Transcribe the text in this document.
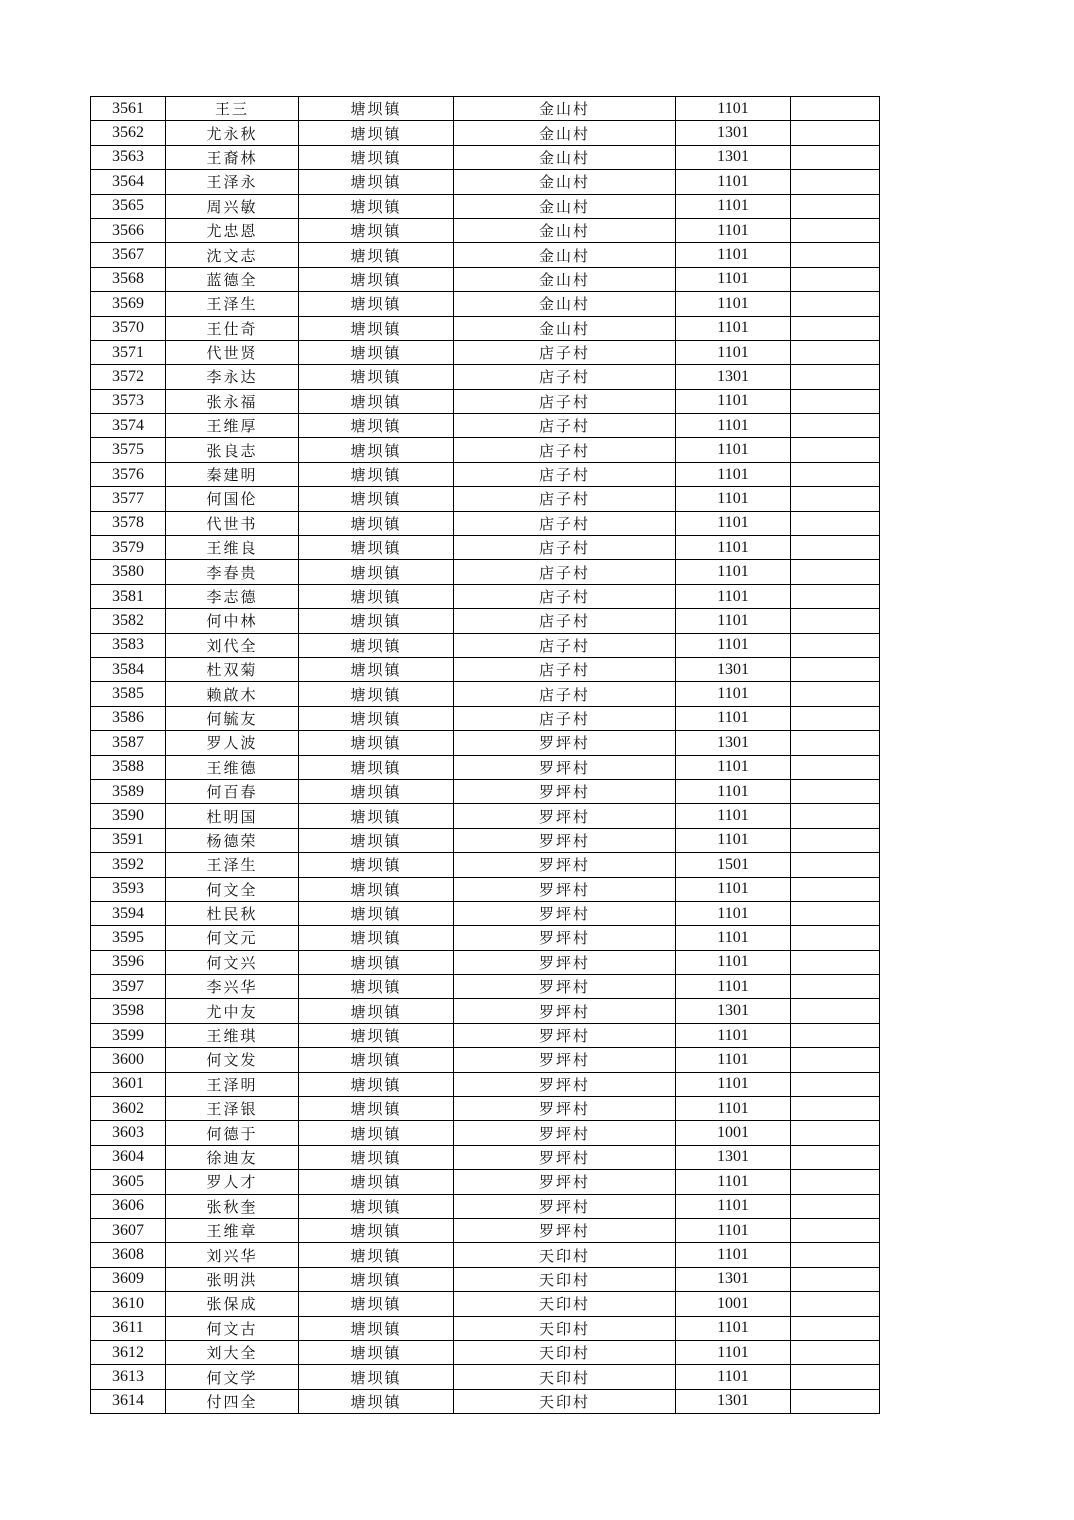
3561	王三	塘坝镇	金山村	1101	
3562	尤永秋	塘坝镇	金山村	1301	
3563	王裔林	塘坝镇	金山村	1301	
3564	王泽永	塘坝镇	金山村	1101	
3565	周兴敏	塘坝镇	金山村	1101	
3566	尤忠恩	塘坝镇	金山村	1101	
3567	沈文志	塘坝镇	金山村	1101	
3568	蓝德全	塘坝镇	金山村	1101	
3569	王泽生	塘坝镇	金山村	1101	
3570	王仕奇	塘坝镇	金山村	1101	
3571	代世贤	塘坝镇	店子村	1101	
3572	李永达	塘坝镇	店子村	1301	
3573	张永福	塘坝镇	店子村	1101	
3574	王维厚	塘坝镇	店子村	1101	
3575	张良志	塘坝镇	店子村	1101	
3576	秦建明	塘坝镇	店子村	1101	
3577	何国伦	塘坝镇	店子村	1101	
3578	代世书	塘坝镇	店子村	1101	
3579	王维良	塘坝镇	店子村	1101	
3580	李春贵	塘坝镇	店子村	1101	
3581	李志德	塘坝镇	店子村	1101	
3582	何中林	塘坝镇	店子村	1101	
3583	刘代全	塘坝镇	店子村	1101	
3584	杜双菊	塘坝镇	店子村	1301	
3585	赖啟木	塘坝镇	店子村	1101	
3586	何毓友	塘坝镇	店子村	1101	
3587	罗人波	塘坝镇	罗坪村	1301	
3588	王维德	塘坝镇	罗坪村	1101	
3589	何百春	塘坝镇	罗坪村	1101	
3590	杜明国	塘坝镇	罗坪村	1101	
3591	杨德荣	塘坝镇	罗坪村	1101	
3592	王泽生	塘坝镇	罗坪村	1501	
3593	何文全	塘坝镇	罗坪村	1101	
3594	杜民秋	塘坝镇	罗坪村	1101	
3595	何文元	塘坝镇	罗坪村	1101	
3596	何文兴	塘坝镇	罗坪村	1101	
3597	李兴华	塘坝镇	罗坪村	1101	
3598	尤中友	塘坝镇	罗坪村	1301	
3599	王维琪	塘坝镇	罗坪村	1101	
3600	何文发	塘坝镇	罗坪村	1101	
3601	王泽明	塘坝镇	罗坪村	1101	
3602	王泽银	塘坝镇	罗坪村	1101	
3603	何德于	塘坝镇	罗坪村	1001	
3604	徐迪友	塘坝镇	罗坪村	1301	
3605	罗人才	塘坝镇	罗坪村	1101	
3606	张秋奎	塘坝镇	罗坪村	1101	
3607	王维章	塘坝镇	罗坪村	1101	
3608	刘兴华	塘坝镇	天印村	1101	
3609	张明洪	塘坝镇	天印村	1301	
3610	张保成	塘坝镇	天印村	1001	
3611	何文古	塘坝镇	天印村	1101	
3612	刘大全	塘坝镇	天印村	1101	
3613	何文学	塘坝镇	天印村	1101	
3614	付四全	塘坝镇	天印村	1301	
